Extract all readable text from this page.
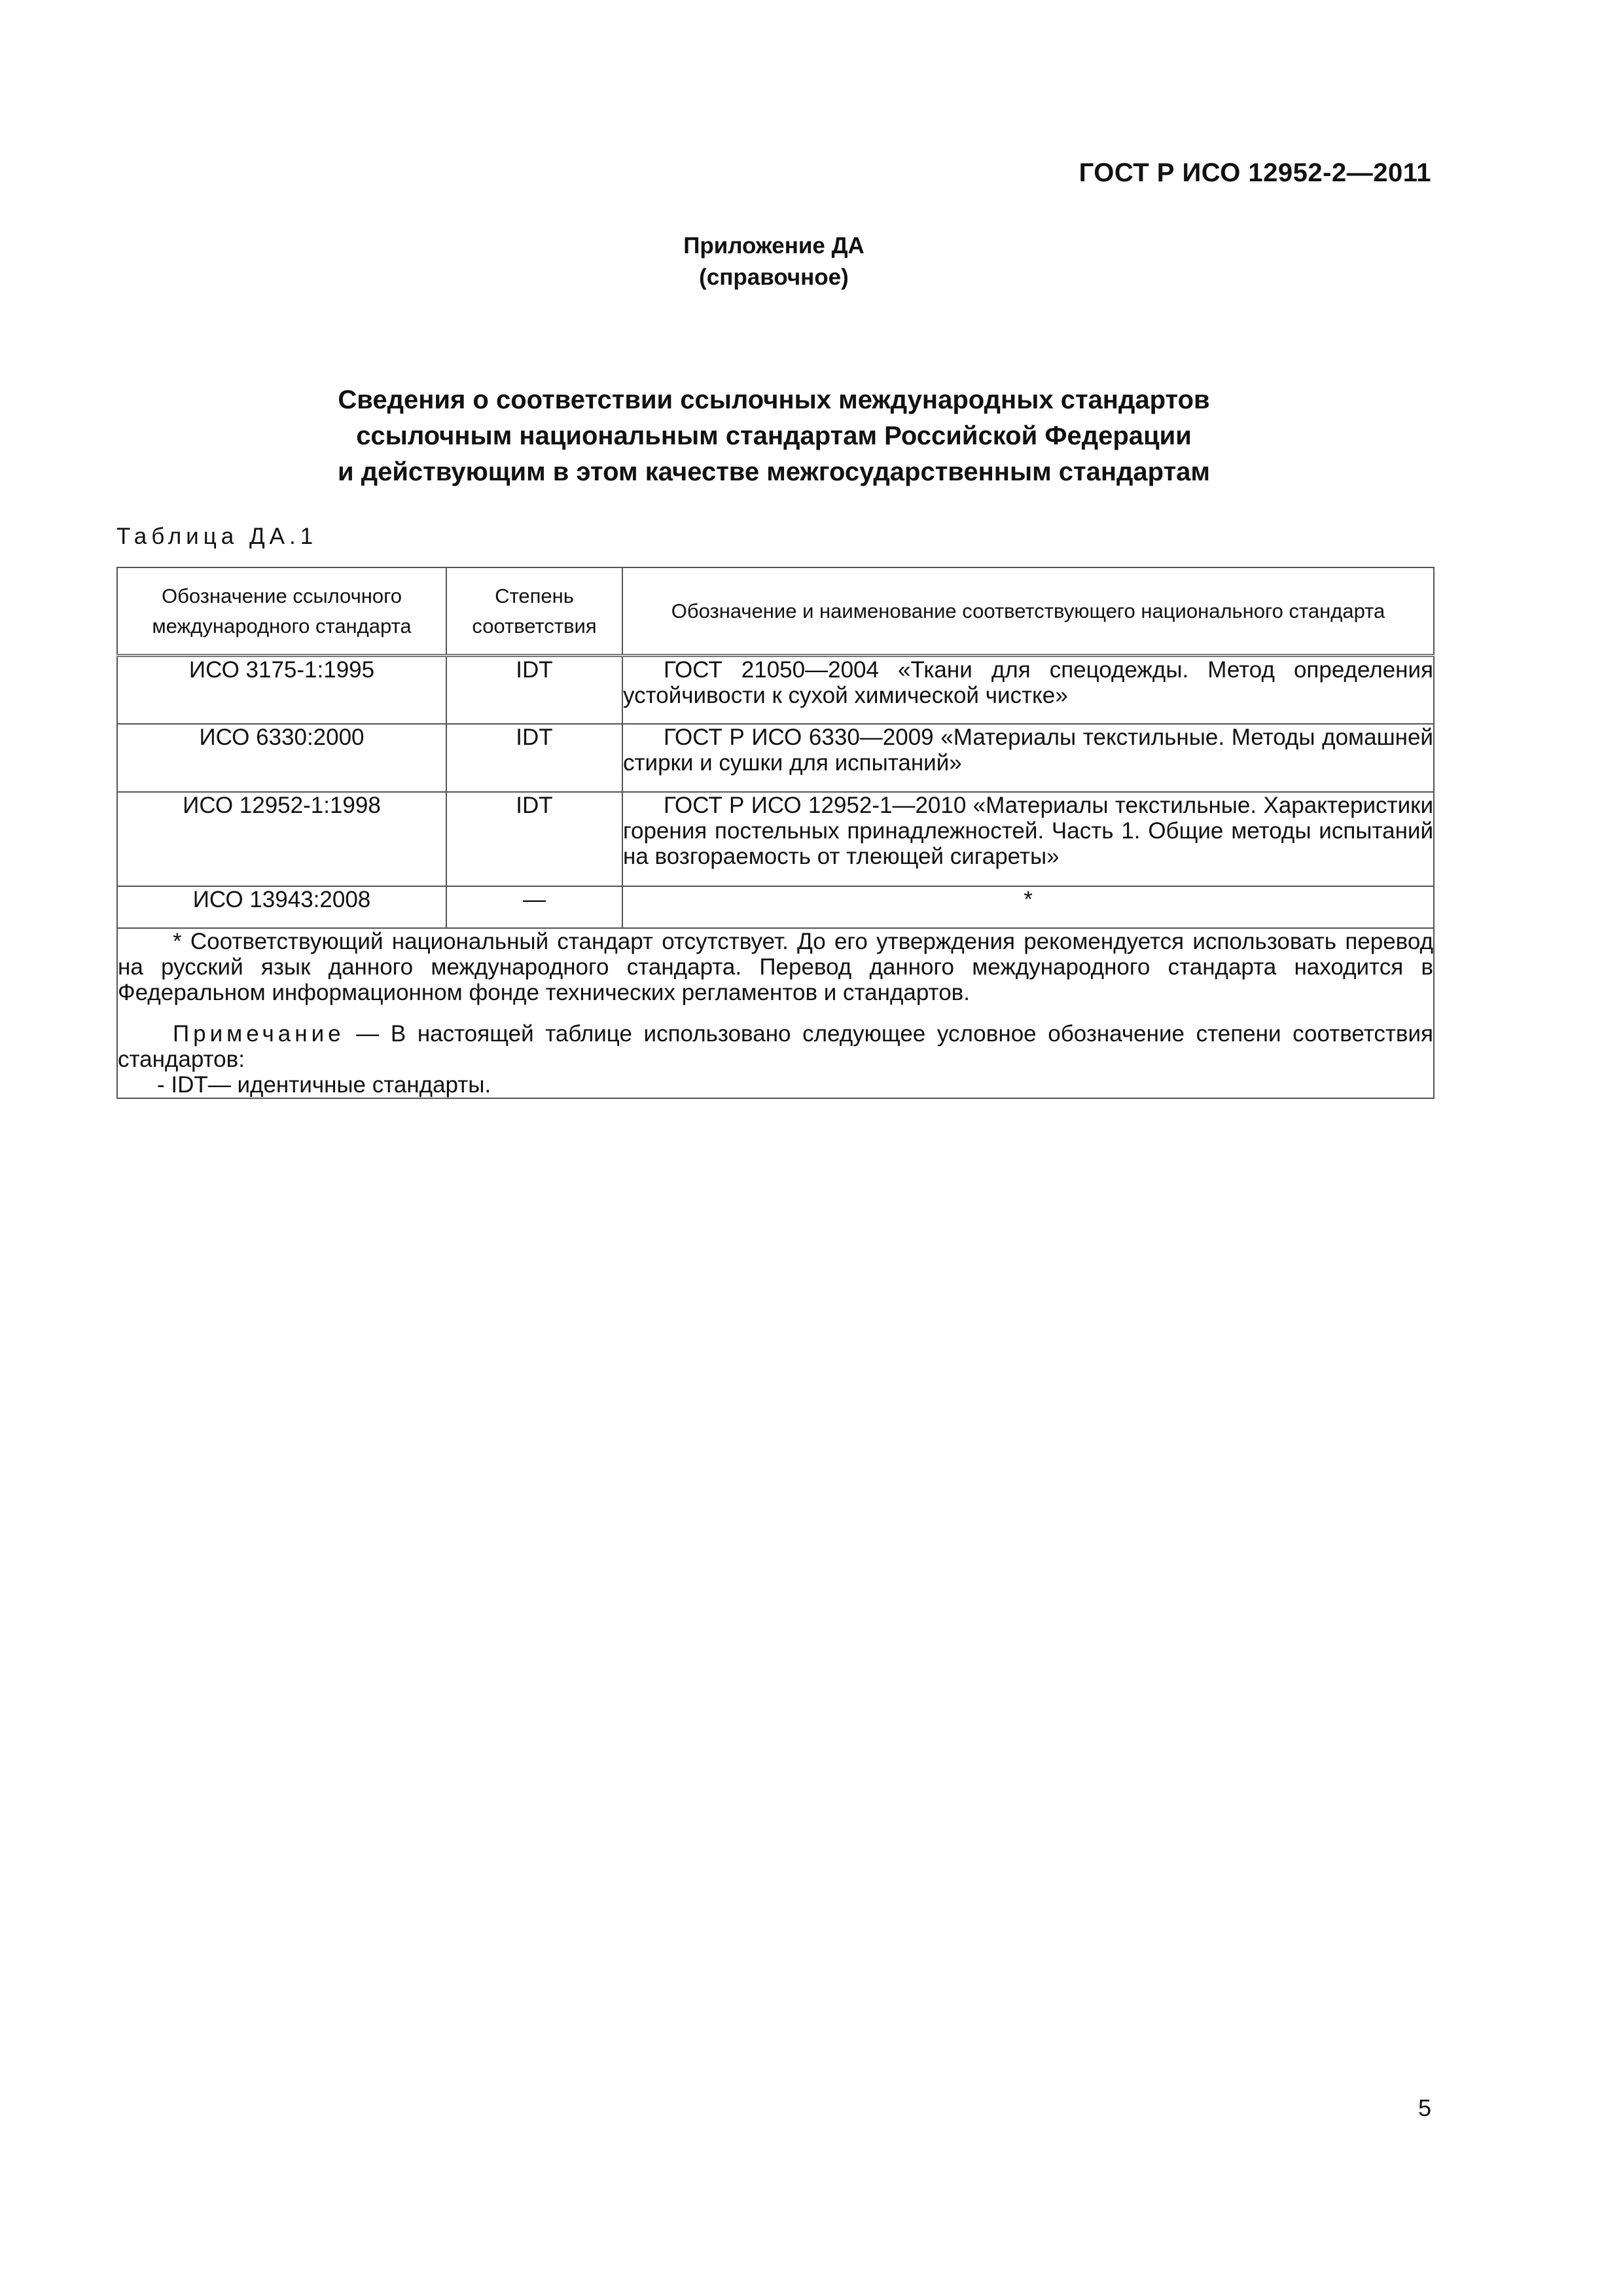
ГОСТ Р ИСО 12952-2—2011
Приложение ДА
(справочное)
Сведения о соответствии ссылочных международных стандартов
ссылочным национальным стандартам Российской Федерации
и действующим в этом качестве межгосударственным стандартам
Таблица ДА.1
Обозначение ссылочного международного стандарта	Степень соответствия	Обозначение и наименование соответствующего национального стандарта
ИСО 3175-1:1995	IDT	ГОСТ 21050—2004 «Ткани для спецодежды. Метод определения устойчивости к сухой химической чистке»

ИСО 6330:2000	IDT	ГОСТ Р ИСО 6330—2009 «Материалы текстильные. Методы домашней стирки и сушки для испытаний»

ИСО 12952-1:1998	IDT	ГОСТ Р ИСО 12952-1—2010 «Материалы текстильные. Характеристики горения постельных принадлежностей. Часть 1. Общие методы испытаний на возгораемость от тлеющей сигареты»

ИСО 13943:2008	—	*

* Соответствующий национальный стандарт отсутствует. До его утверждения рекомендуется использовать перевод на русский язык данного международного стандарта. Перевод данного международного стандарта находится в Федеральном информационном фонде технических регламентов и стандартов.

Примечание — В настоящей таблице использовано следующее условное обозначение степени соответствия стандартов:

- IDT— идентичные стандарты.		

5
